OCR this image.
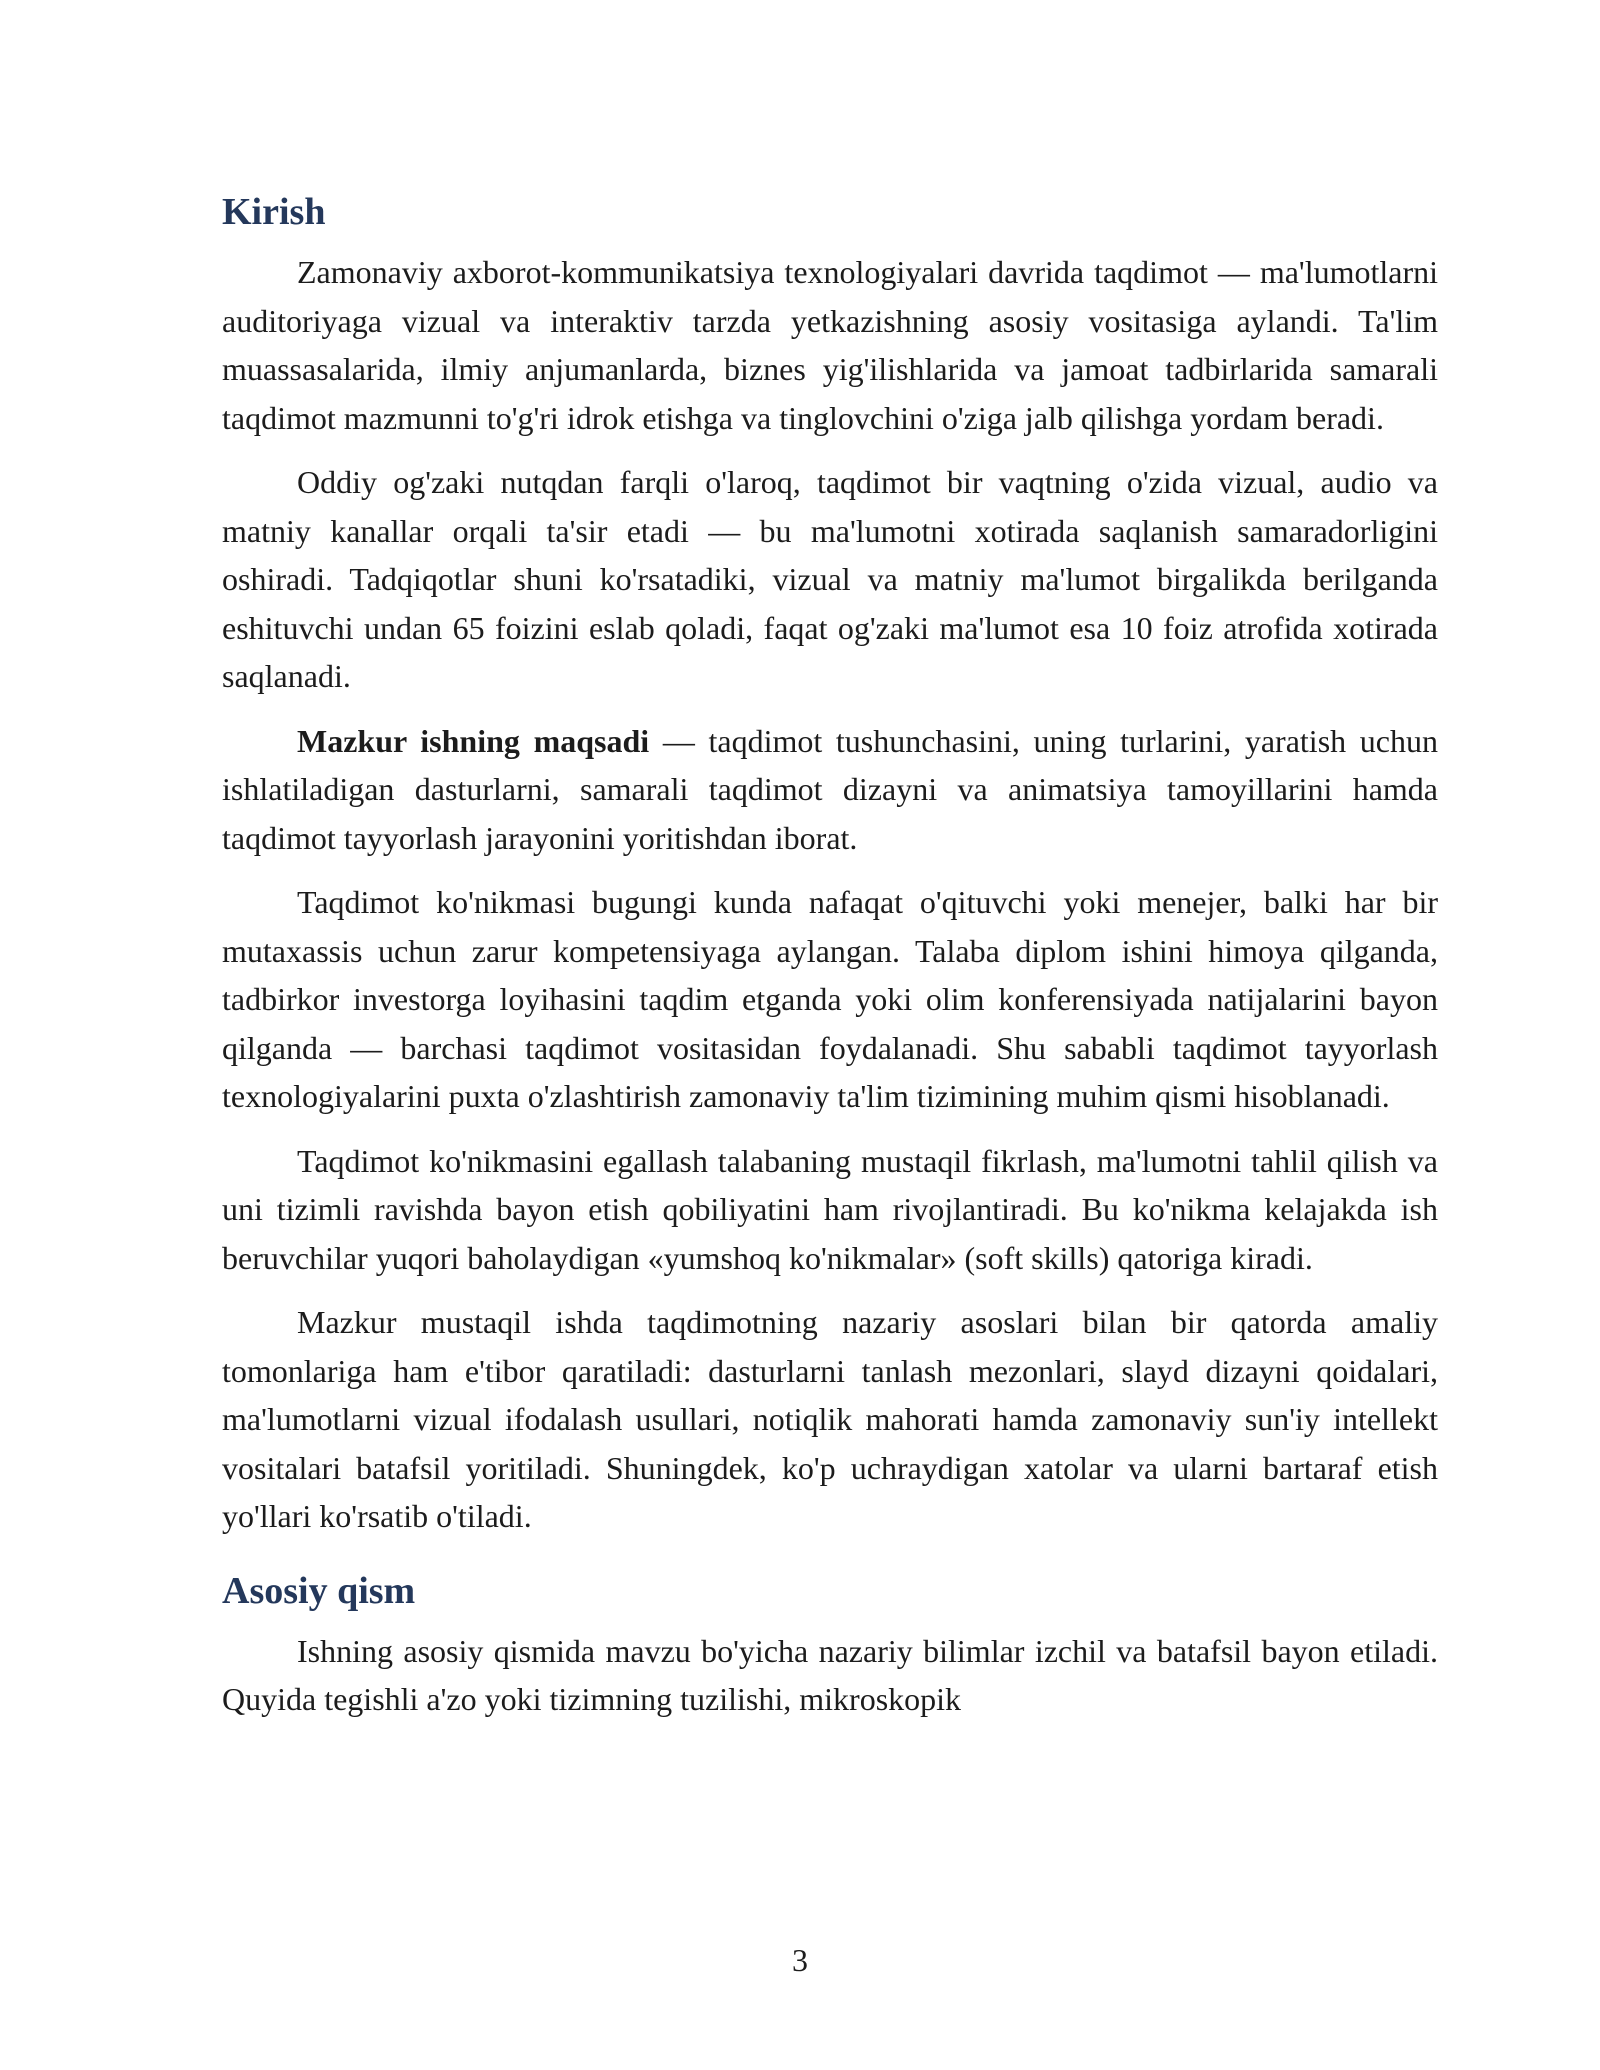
Kirish

Zamonaviy axborot-kommunikatsiya texnologiyalari davrida taqdimot — ma'lumotlarni auditoriyaga vizual va interaktiv tarzda yetkazishning asosiy vositasiga aylandi. Ta'lim muassasalarida, ilmiy anjumanlarda, biznes yig'ilishlarida va jamoat tadbirlarida samarali taqdimot mazmunni to'g'ri idrok etishga va tinglovchini o'ziga jalb qilishga yordam beradi.

Oddiy og'zaki nutqdan farqli o'laroq, taqdimot bir vaqtning o'zida vizual, audio va matniy kanallar orqali ta'sir etadi — bu ma'lumotni xotirada saqlanish samaradorligini oshiradi. Tadqiqotlar shuni ko'rsatadiki, vizual va matniy ma'lumot birgalikda berilganda eshituvchi undan 65 foizini eslab qoladi, faqat og'zaki ma'lumot esa 10 foiz atrofida xotirada saqlanadi.

Mazkur ishning maqsadi — taqdimot tushunchasini, uning turlarini, yaratish uchun ishlatiladigan dasturlarni, samarali taqdimot dizayni va animatsiya tamoyillarini hamda taqdimot tayyorlash jarayonini yoritishdan iborat.

Taqdimot ko'nikmasi bugungi kunda nafaqat o'qituvchi yoki menejer, balki har bir mutaxassis uchun zarur kompetensiyaga aylangan. Talaba diplom ishini himoya qilganda, tadbirkor investorga loyihasini taqdim etganda yoki olim konferensiyada natijalarini bayon qilganda — barchasi taqdimot vositasidan foydalanadi. Shu sababli taqdimot tayyorlash texnologiyalarini puxta o'zlashtirish zamonaviy ta'lim tizimining muhim qismi hisoblanadi.

Taqdimot ko'nikmasini egallash talabaning mustaqil fikrlash, ma'lumotni tahlil qilish va uni tizimli ravishda bayon etish qobiliyatini ham rivojlantiradi. Bu ko'nikma kelajakda ish beruvchilar yuqori baholaydigan «yumshoq ko'nikmalar» (soft skills) qatoriga kiradi.

Mazkur mustaqil ishda taqdimotning nazariy asoslari bilan bir qatorda amaliy tomonlariga ham e'tibor qaratiladi: dasturlarni tanlash mezonlari, slayd dizayni qoidalari, ma'lumotlarni vizual ifodalash usullari, notiqlik mahorati hamda zamonaviy sun'iy intellekt vositalari batafsil yoritiladi. Shuningdek, ko'p uchraydigan xatolar va ularni bartaraf etish yo'llari ko'rsatib o'tiladi.

Asosiy qism

Ishning asosiy qismida mavzu bo'yicha nazariy bilimlar izchil va batafsil bayon etiladi. Quyida tegishli a'zo yoki tizimning tuzilishi, mikroskopik

3
